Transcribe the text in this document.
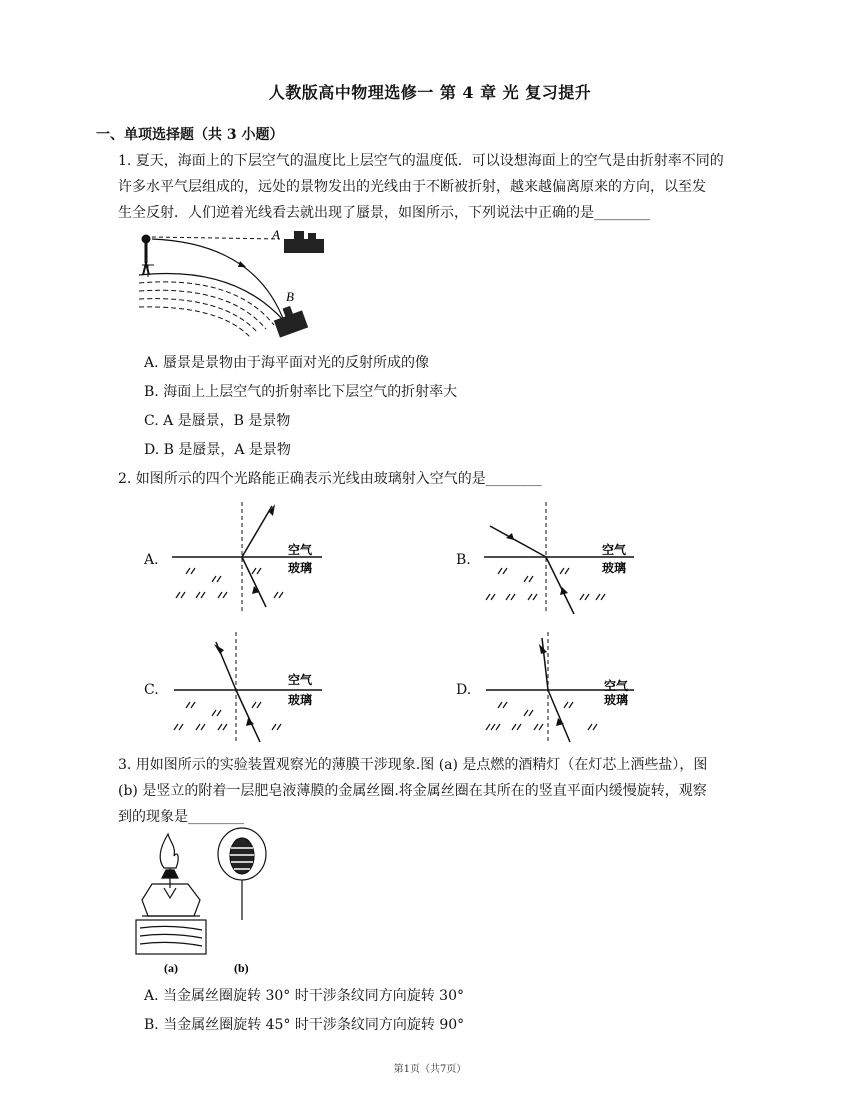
人教版高中物理选修一 第 4 章 光 复习提升
一、单项选择题（共 3 小题）
1. 夏天，海面上的下层空气的温度比上层空气的温度低．可以设想海面上的空气是由折射率不同的
许多水平气层组成的，远处的景物发出的光线由于不断被折射，越来越偏离原来的方向，以至发
生全反射．人们逆着光线看去就出现了蜃景，如图所示，下列说法中正确的是________
A
B
A. 蜃景是景物由于海平面对光的反射所成的像
B. 海面上上层空气的折射率比下层空气的折射率大
C. A 是蜃景，B 是景物
D. B 是蜃景，A 是景物
2. 如图所示的四个光路能正确表示光线由玻璃射入空气的是________
A.	B.
C.	D.
空气
玻璃
空气
玻璃
空气
玻璃
空气
玻璃
3. 用如图所示的实验装置观察光的薄膜干涉现象.图 (a) 是点燃的酒精灯（在灯芯上洒些盐），图
(b) 是竖立的附着一层肥皂液薄膜的金属丝圈.将金属丝圈在其所在的竖直平面内缓慢旋转，观察
到的现象是________
(a)	(b)
A. 当金属丝圈旋转 30° 时干涉条纹同方向旋转 30°
B. 当金属丝圈旋转 45° 时干涉条纹同方向旋转 90°
第1页（共7页）
